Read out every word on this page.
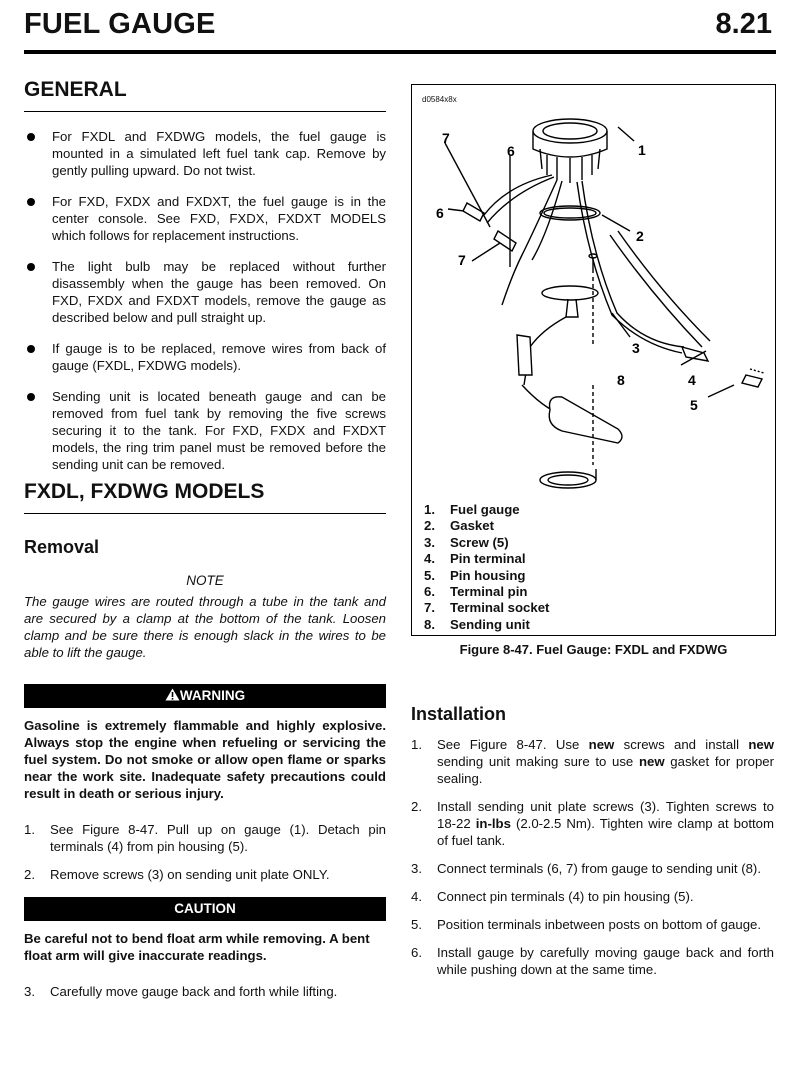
FUEL GAUGE	8.21
GENERAL
For FXDL and FXDWG models, the fuel gauge is mounted in a simulated left fuel tank cap. Remove by gently pulling upward. Do not twist.
For FXD, FXDX and FXDXT, the fuel gauge is in the center console. See FXD, FXDX, FXDXT MODELS which follows for replacement instructions.
The light bulb may be replaced without further disassembly when the gauge has been removed. On FXD, FXDX and FXDXT models, remove the gauge as described below and pull straight up.
If gauge is to be replaced, remove wires from back of gauge (FXDL, FXDWG models).
Sending unit is located beneath gauge and can be removed from fuel tank by removing the five screws securing it to the tank. For FXD, FXDX and FXDXT models, the ring trim panel must be removed before the sending unit can be removed.
FXDL, FXDWG MODELS
Removal
NOTE
The gauge wires are routed through a tube in the tank and are secured by a clamp at the bottom of the tank. Loosen clamp and be sure there is enough slack in the wires to be able to lift the gauge.
WARNING
Gasoline is extremely flammable and highly explosive. Always stop the engine when refueling or servicing the fuel system. Do not smoke or allow open flame or sparks near the work site. Inadequate safety precautions could result in death or serious injury.
1.	See Figure 8-47. Pull up on gauge (1). Detach pin terminals (4) from pin housing (5).
2.	Remove screws (3) on sending unit plate ONLY.
CAUTION
Be careful not to bend float arm while removing. A bent float arm will give inaccurate readings.
3.	Carefully move gauge back and forth while lifting.
d0584x8x
1
2
3
4
5
6
6
7
7
8
1.	Fuel gauge
2.	Gasket
3.	Screw (5)
4.	Pin terminal
5.	Pin housing
6.	Terminal pin
7.	Terminal socket
8.	Sending unit
Figure 8-47. Fuel Gauge: FXDL and FXDWG
Installation
1.	See Figure 8-47. Use new screws and install new sending unit making sure to use new gasket for proper sealing.
2.	Install sending unit plate screws (3). Tighten screws to 18-22 in-lbs (2.0-2.5 Nm). Tighten wire clamp at bottom of fuel tank.
3.	Connect terminals (6, 7) from gauge to sending unit (8).
4.	Connect pin terminals (4) to pin housing (5).
5.	Position terminals inbetween posts on bottom of gauge.
6.	Install gauge by carefully moving gauge back and forth while pushing down at the same time.
